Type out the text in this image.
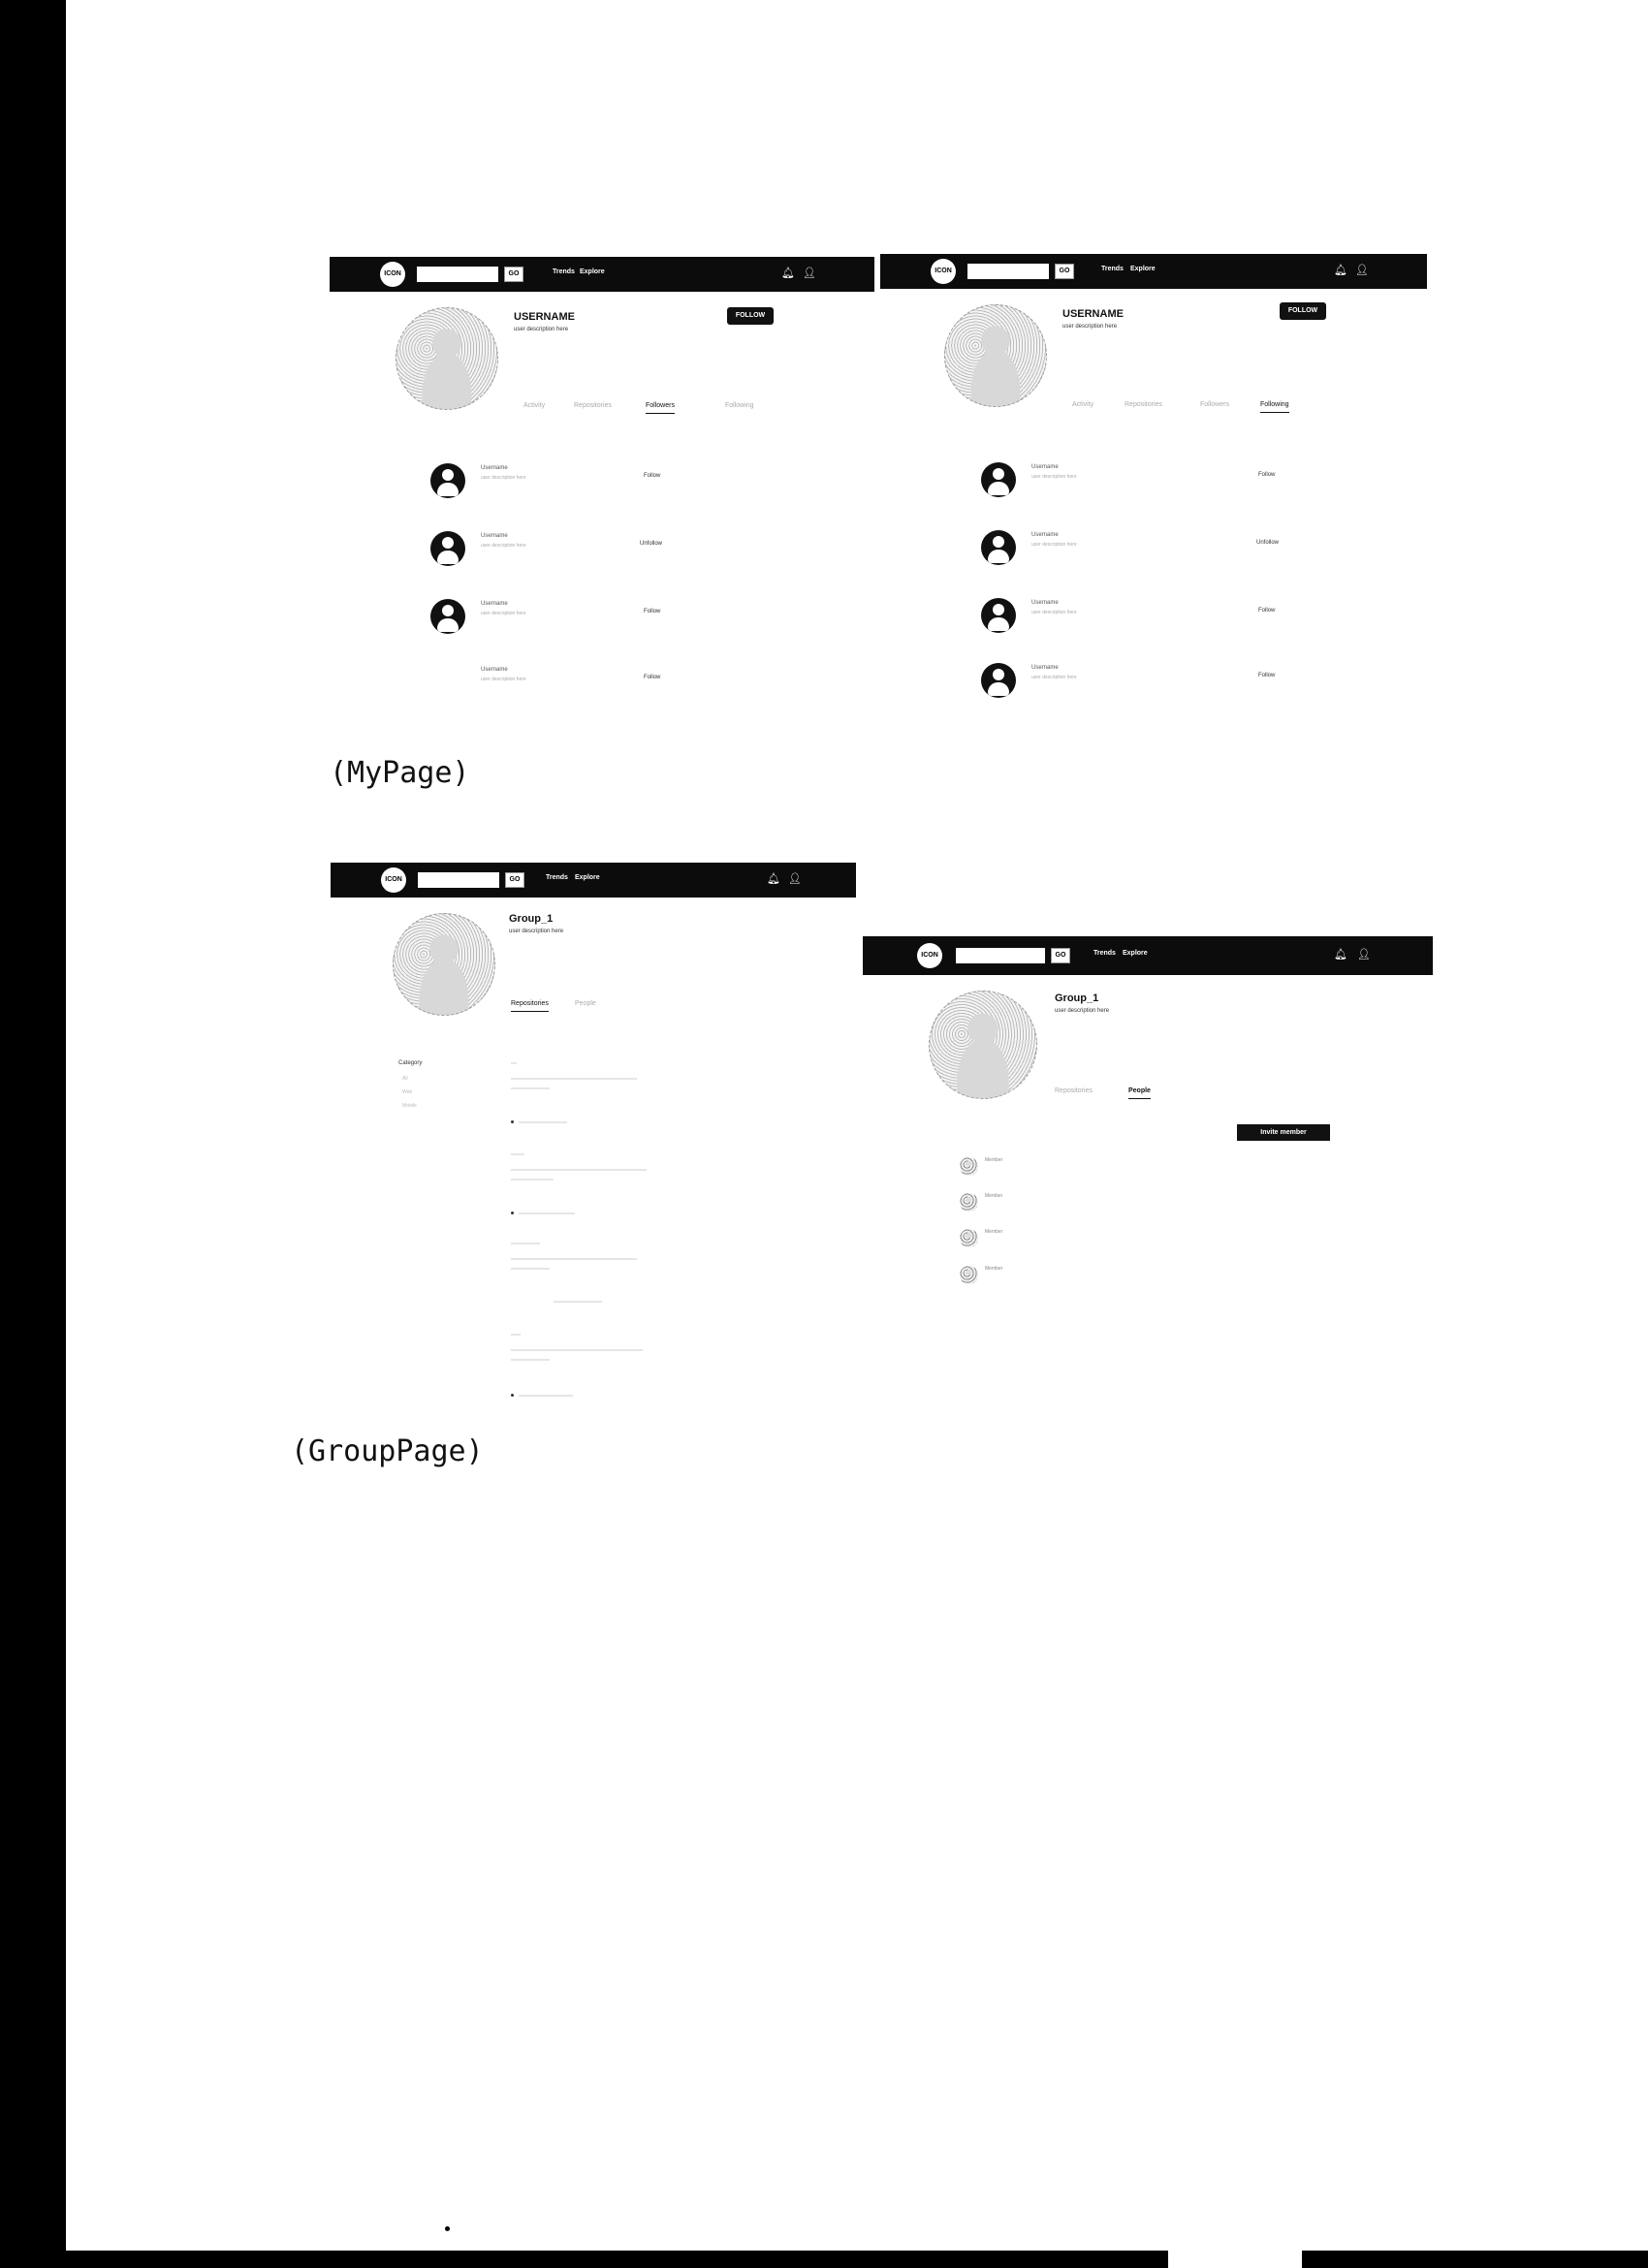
ICON	GO	Trends Explore	🔔︎ 👤︎
USERNAME
user description here
FOLLOW
Activity	Repositories	Followers	Following
Username
user description here	Follow
Username
user description here	Unfollow
Username
user description here	Follow
Username
user description here	Follow
ICON	GO	Trends Explore	🔔︎ 👤︎
USERNAME
user description here
FOLLOW
Activity	Repositories	Followers	Following
Username
user description here	Follow
Username
user description here	Unfollow
Username
user description here	Follow
Username
user description here	Follow
(MyPage)
ICON	GO	Trends Explore	🔔︎ 👤︎
Group_1
user description here
Repositories	People
Category
All
Web
Mobile
ICON	GO	Trends Explore	🔔︎ 👤︎
Group_1
user description here
Repositories	People
Invite member
Member
Member
Member
Member
(GroupPage)
